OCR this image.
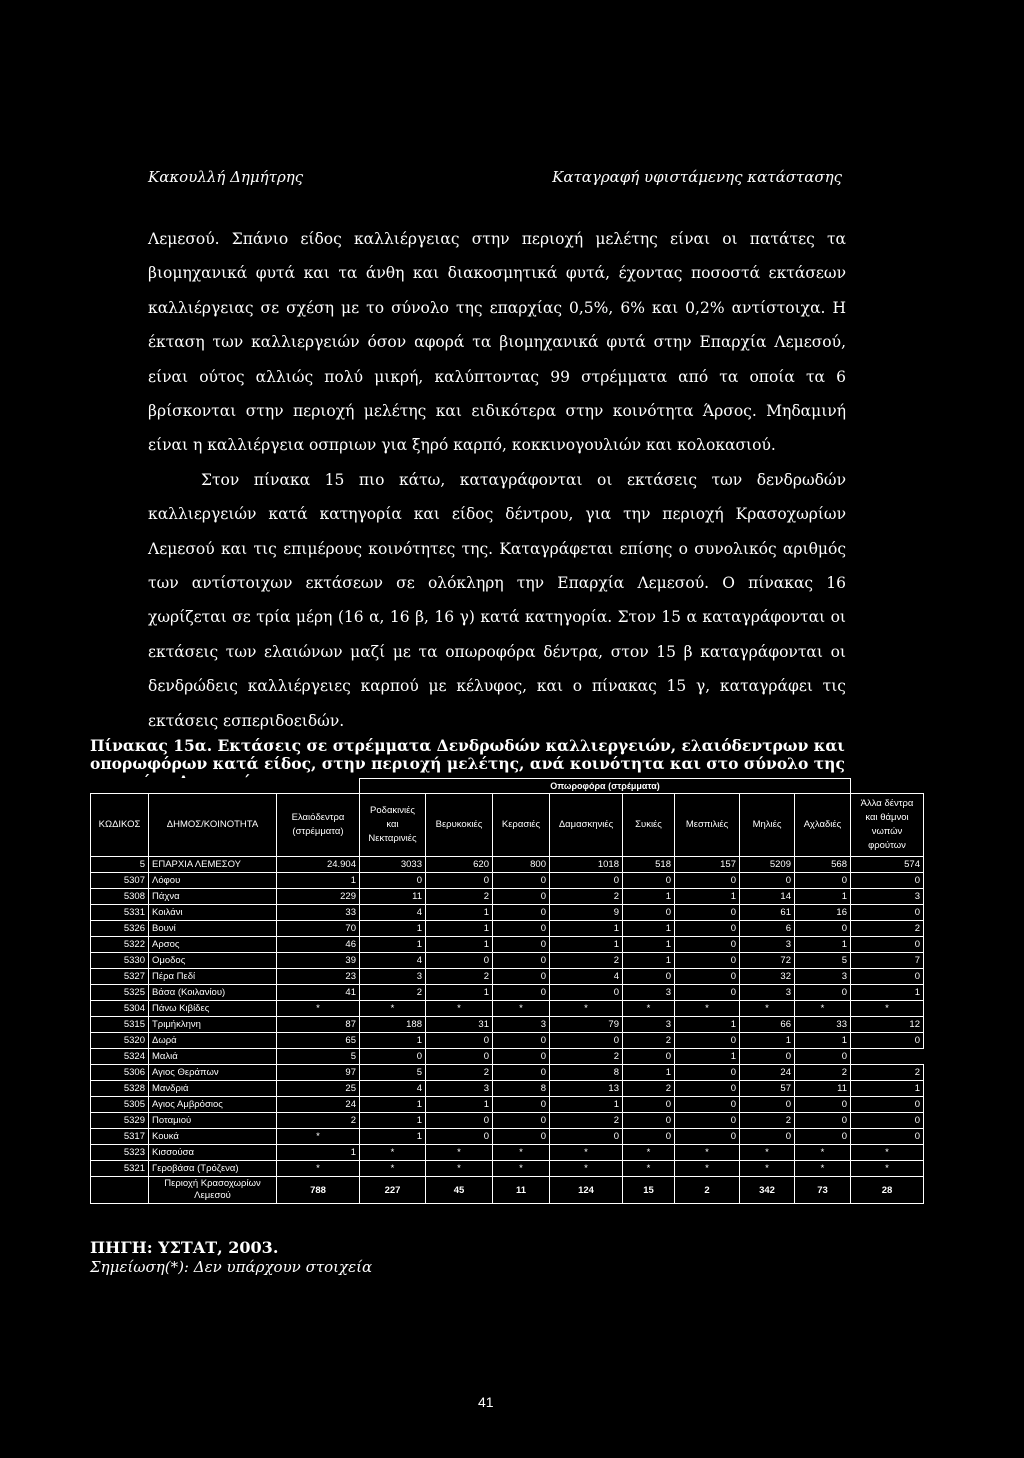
Κακουλλή Δημήτρης	Καταγραφή υφιστάμενης κατάστασης

Λεμεσού. Σπάνιο είδος καλλιέργειας στην περιοχή μελέτης είναι οι πατάτες τα βιομηχανικά φυτά και τα άνθη και διακοσμητικά φυτά, έχοντας ποσοστά εκτάσεων καλλιέργειας σε σχέση με το σύνολο της επαρχίας 0,5%, 6% και 0,2% αντίστοιχα. Η έκταση των καλλιεργειών όσον αφορά τα βιομηχανικά φυτά στην Επαρχία Λεμεσού, είναι ούτος αλλιώς πολύ μικρή, καλύπτοντας 99 στρέμματα από τα οποία τα 6 βρίσκονται στην περιοχή μελέτης και ειδικότερα στην κοινότητα Άρσος. Μηδαμινή είναι η καλλιέργεια οσπριων για ξηρό καρπό, κοκκινογουλιών και κολοκασιού.

Στον πίνακα 15 πιο κάτω, καταγράφονται οι εκτάσεις των δενδρωδών καλλιεργειών κατά κατηγορία και είδος δέντρου, για την περιοχή Κρασοχωρίων Λεμεσού και τις επιμέρους κοινότητες της. Καταγράφεται επίσης ο συνολικός αριθμός των αντίστοιχων εκτάσεων σε ολόκληρη την Επαρχία Λεμεσού. Ο πίνακας 16 χωρίζεται σε τρία μέρη (16 α, 16 β, 16 γ) κατά κατηγορία. Στον 15 α καταγράφονται οι εκτάσεις των ελαιώνων μαζί με τα οπωροφόρα δέντρα, στον 15 β καταγράφονται οι δενδρώδεις καλλιέργειες καρπού με κέλυφος, και ο πίνακας 15 γ, καταγράφει τις εκτάσεις εσπεριδοειδών.

Πίνακας 15α. Εκτάσεις σε στρέμματα Δενδρωδών καλλιεργειών, ελαιόδεντρων και οπορωφόρων κατά είδος, στην περιοχή μελέτης, ανά κοινότητα και στο σύνολο της
			Οπωροφόρα (στρέμματα)								
ΚΩΔΙΚΟΣ	ΔΗΜΟΣ/ΚΟΙΝΟΤΗΤΑ	Ελαιόδεντρα (στρέμματα)	Ροδακινιές και Νεκταρινιές	Βερυκοκιές	Κερασιές	Δαμασκηνιές	Συκιές	Μεσπιλιές	Μηλιές	Αχλαδιές	Άλλα δέντρα και θάμνοι νωπών φρούτων
5	ΕΠΑΡΧΙΑ ΛΕΜΕΣΟΥ	24.904	3033	620	800	1018	518	157	5209	568	574
5307	Λόφου	1	0	0	0	0	0	0	0	0	0
5308	Πάχνα	229	11	2	0	2	1	1	14	1	3
5331	Κοιλάνι	33	4	1	0	9	0	0	61	16	0
5326	Βουνί	70	1	1	0	1	1	0	6	0	2
5322	Αρσος	46	1	1	0	1	1	0	3	1	0
5330	Ομοδος	39	4	0	0	2	1	0	72	5	7
5327	Πέρα Πεδί	23	3	2	0	4	0	0	32	3	0
5325	Βάσα (Κοιλανίου)	41	2	1	0	0	3	0	3	0	1
5304	Πάνω Κιβίδες	*	*	*	*	*	*	*	*	*	*
5315	Τριμήκληνη	87	188	31	3	79	3	1	66	33	12
5320	Δωρά	65	1	0	0	0	2	0	1	1	0
5324	Μαλιά	5	0	0	0	2	0	1	0	0	
5306	Αγιος Θεράπων	97	5	2	0	8	1	0	24	2	2
5328	Μανδριά	25	4	3	8	13	2	0	57	11	1
5305	Αγιος Αμβρόσιος	24	1	1	0	1	0	0	0	0	0
5329	Ποταμιού	2	1	0	0	2	0	0	2	0	0
5317	Κουκά	*	1	0	0	0	0	0	0	0	0
5323	Κισσούσα	1	*	*	*	*	*	*	*	*	*
5321	Γεροβάσα (Τρόζενα)	*	*	*	*	*	*	*	*	*	*
	Περιοχή Κρασοχωρίων Λεμεσού	788	227	45	11	124	15	2	342	73	28
ΠΗΓΗ: ΥΣΤΑΤ, 2003.
Σημείωση(*): Δεν υπάρχουν στοιχεία
41
